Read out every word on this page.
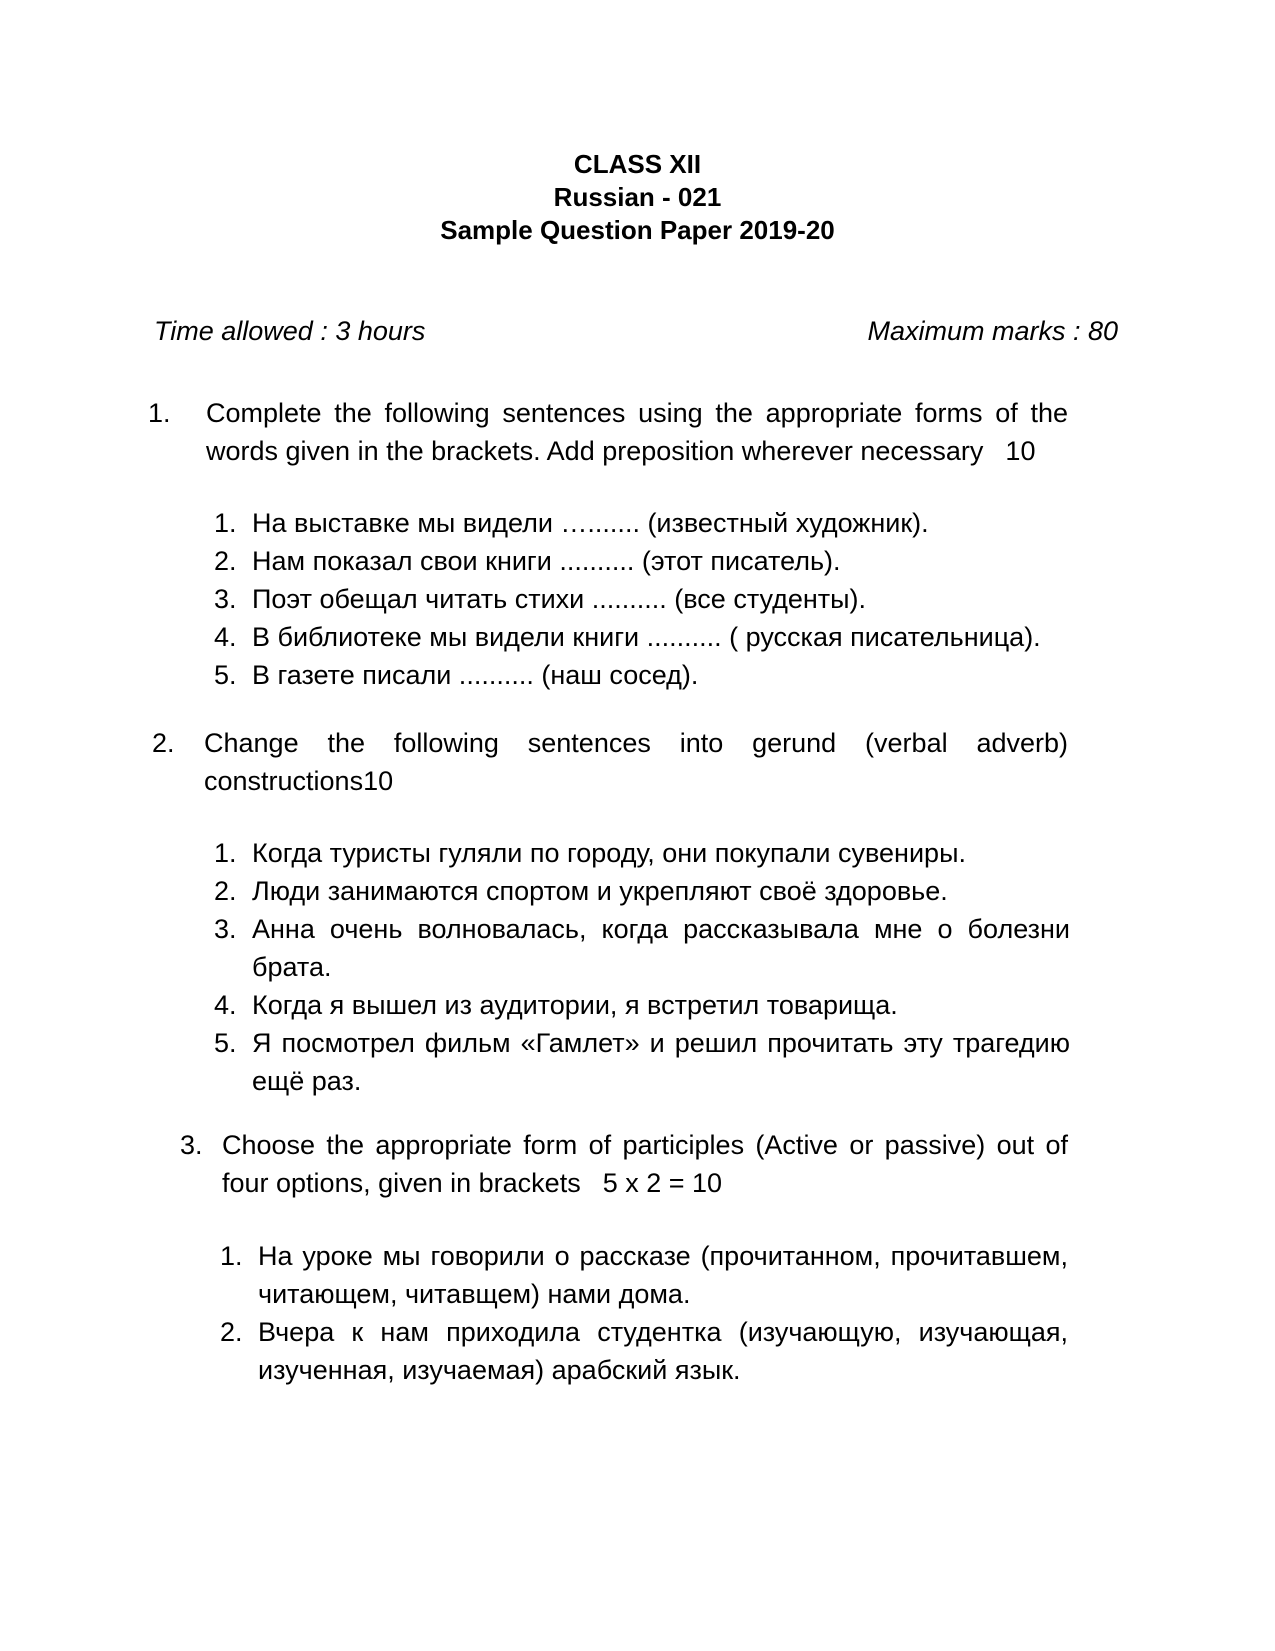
CLASS XII
Russian - 021
Sample Question Paper 2019-20
Time allowed : 3 hours	Maximum marks : 80
1. Complete the following sentences using the appropriate forms of the words given in the brackets. Add preposition wherever necessary 10
1. На выставке мы видели …....... (известный художник).
2. Нам показал свои книги .......... (этот писатель).
3. Поэт обещал читать стихи .......... (все студенты).
4. В библиотеке мы видели книги .......... ( русская писательница).
5. В газете писали .......... (наш сосед).
2. Change the following sentences into gerund (verbal adverb) constructions10
1. Когда туристы гуляли по городу, они покупали сувениры.
2. Люди занимаются спортом и укрепляют своё здоровье.
3. Анна очень волновалась, когда рассказывала мне о болезни брата.
4. Когда я вышел из аудитории, я встретил товарища.
5. Я посмотрел фильм «Гамлет» и решил прочитать эту трагедию ещё раз.
3. Choose the appropriate form of participles (Active or passive) out of four options, given in brackets 5 x 2 = 10
1. На уроке мы говорили о рассказе (прочитанном, прочитавшем, читающем, читавщем) нами дома.
2. Вчера к нам приходила студентка (изучающую, изучающая, изученная, изучаемая) арабский язык.
